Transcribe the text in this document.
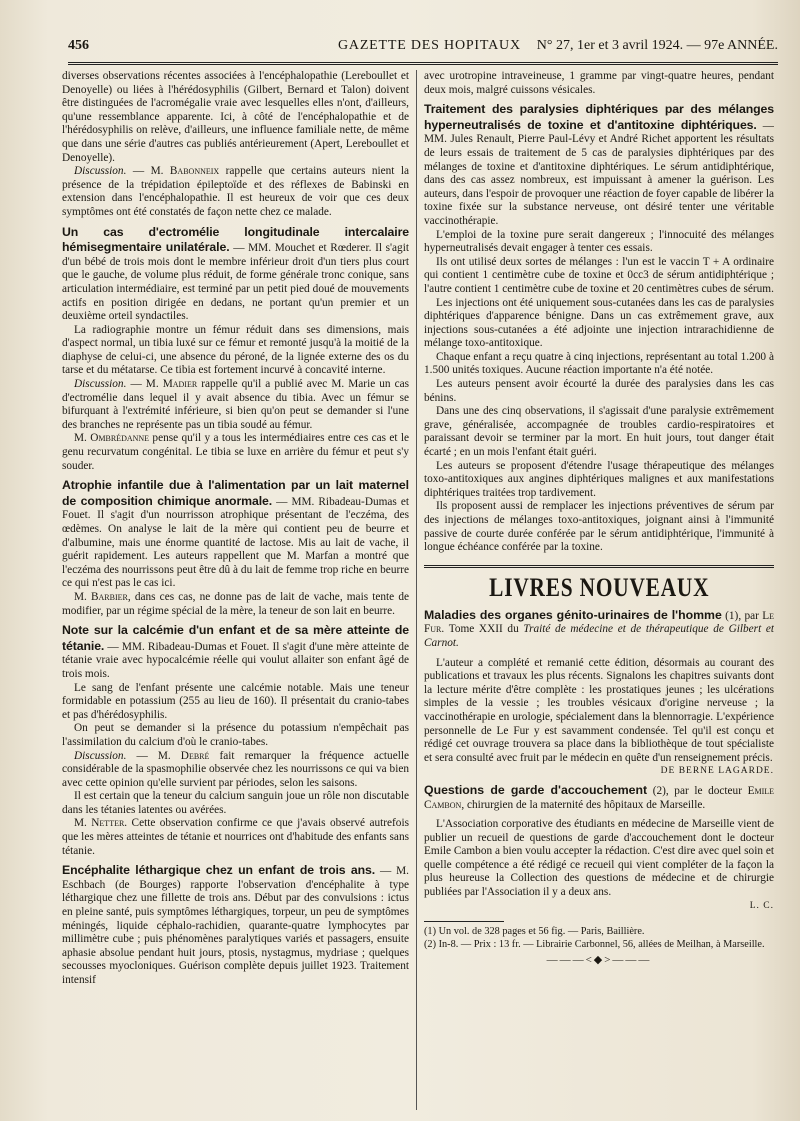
456	GAZETTE DES HOPITAUX N° 27, 1er et 3 avril 1924. — 97e ANNÉE.

diverses observations récentes associées à l'encéphalopathie (Lereboullet et Denoyelle) ou liées à l'hérédosyphilis (Gilbert, Bernard et Talon) doivent être distinguées de l'acromégalie vraie avec lesquelles elles n'ont, d'ailleurs, qu'une ressemblance apparente. Ici, à côté de l'encéphalopathie et de l'hérédosyphilis on relève, d'ailleurs, une influence familiale nette, de même que dans une série d'autres cas publiés antérieurement (Apert, Lereboullet et Denoyelle).

Discussion. — M. Babonneix rappelle que certains auteurs nient la présence de la trépidation épileptoïde et des réflexes de Babinski en extension dans l'encéphalopathie. Il est heureux de voir que ces deux symptômes ont été constatés de façon nette chez ce malade.

Un cas d'ectromélie longitudinale intercalaire hémisegmentaire unilatérale. — MM. Mouchet et Rœderer. Il s'agit d'un bébé de trois mois dont le membre inférieur droit d'un tiers plus court que le gauche, de volume plus réduit, de forme générale tronc conique, sans articulation intermédiaire, est terminé par un petit pied doué de mouvements actifs en position dirigée en dedans, ne portant qu'un premier et un deuxième orteil syndactiles.

La radiographie montre un fémur réduit dans ses dimensions, mais d'aspect normal, un tibia luxé sur ce fémur et remonté jusqu'à la moitié de la diaphyse de celui-ci, une absence du péroné, de la lignée externe des os du tarse et du métatarse. Ce tibia est fortement incurvé à concavité interne.

Discussion. — M. Madier rappelle qu'il a publié avec M. Marie un cas d'ectromélie dans lequel il y avait absence du tibia. Avec un fémur se bifurquant à l'extrémité inférieure, si bien qu'on peut se demander si l'une des branches ne représente pas un tibia soudé au fémur.

M. Ombrédanne pense qu'il y a tous les intermédiaires entre ces cas et le genu recurvatum congénital. Le tibia se luxe en arrière du fémur et peut s'y souder.

Atrophie infantile due à l'alimentation par un lait maternel de composition chimique anormale. — MM. Ribadeau-Dumas et Fouet. Il s'agit d'un nourrisson atrophique présentant de l'eczéma, des œdèmes. On analyse le lait de la mère qui contient peu de beurre et d'albumine, mais une énorme quantité de lactose. Mis au lait de vache, il guérit rapidement. Les auteurs rappellent que M. Marfan a montré que l'eczéma des nourrissons peut être dû à du lait de femme trop riche en beurre ce qui n'est pas le cas ici.

M. Barbier, dans ces cas, ne donne pas de lait de vache, mais tente de modifier, par un régime spécial de la mère, la teneur de son lait en beurre.

Note sur la calcémie d'un enfant et de sa mère atteinte de tétanie. — MM. Ribadeau-Dumas et Fouet. Il s'agit d'une mère atteinte de tétanie vraie avec hypocalcémie réelle qui voulut allaiter son enfant âgé de trois mois.

Le sang de l'enfant présente une calcémie notable. Mais une teneur formidable en potassium (255 au lieu de 160). Il présentait du cranio-tabes et pas d'hérédosyphilis.

On peut se demander si la présence du potassium n'empêchait pas l'assimilation du calcium d'où le cranio-tabes.

Discussion. — M. Debré fait remarquer la fréquence actuelle considérable de la spasmophilie observée chez les nourrissons ce qui va bien avec cette opinion qu'elle survient par périodes, selon les saisons.

Il est certain que la teneur du calcium sanguin joue un rôle non discutable dans les tétanies latentes ou avérées.

M. Netter. Cette observation confirme ce que j'avais observé autrefois que les mères atteintes de tétanie et nourrices ont d'habitude des enfants sans tétanie.

Encéphalite léthargique chez un enfant de trois ans. — M. Eschbach (de Bourges) rapporte l'observation d'encéphalite à type léthargique chez une fillette de trois ans. Début par des convulsions : ictus en pleine santé, puis symptômes léthargiques, torpeur, un peu de symptômes méningés, liquide céphalo-rachidien, quarante-quatre lymphocytes par millimètre cube ; puis phénomènes paralytiques variés et passagers, ensuite aphasie absolue pendant huit jours, ptosis, nystagmus, mydriase ; quelques secousses myocloniques. Guérison complète depuis juillet 1923. Traitement intensif

avec urotropine intraveineuse, 1 gramme par vingt-quatre heures, pendant deux mois, malgré cuissons vésicales.

Traitement des paralysies diphtériques par des mélanges hyperneutralisés de toxine et d'antitoxine diphtériques. — MM. Jules Renault, Pierre Paul-Lévy et André Richet apportent les résultats de leurs essais de traitement de 5 cas de paralysies diphtériques par des mélanges de toxine et d'antitoxine diphtériques. Le sérum antidiphtérique, dans des cas assez nombreux, est impuissant à amener la guérison. Les auteurs, dans l'espoir de provoquer une réaction de foyer capable de libérer la toxine fixée sur la substance nerveuse, ont désiré tenter une véritable vaccinothérapie.

L'emploi de la toxine pure serait dangereux ; l'innocuité des mélanges hyperneutralisés devait engager à tenter ces essais.

Ils ont utilisé deux sortes de mélanges : l'un est le vaccin T + A ordinaire qui contient 1 centimètre cube de toxine et 0cc3 de sérum antidiphtérique ; l'autre contient 1 centimètre cube de toxine et 20 centimètres cubes de sérum.

Les injections ont été uniquement sous-cutanées dans les cas de paralysies diphtériques d'apparence bénigne. Dans un cas extrêmement grave, aux injections sous-cutanées a été adjointe une injection intrarachidienne de mélange toxo-antitoxique.

Chaque enfant a reçu quatre à cinq injections, représentant au total 1.200 à 1.500 unités toxiques. Aucune réaction importante n'a été notée.

Les auteurs pensent avoir écourté la durée des paralysies dans les cas bénins.

Dans une des cinq observations, il s'agissait d'une paralysie extrêmement grave, généralisée, accompagnée de troubles cardio-respiratoires et paraissant devoir se terminer par la mort. En huit jours, tout danger était écarté ; en un mois l'enfant était guéri.

Les auteurs se proposent d'étendre l'usage thérapeutique des mélanges toxo-antitoxiques aux angines diphtériques malignes et aux manifestations diphtériques traitées trop tardivement.

Ils proposent aussi de remplacer les injections préventives de sérum par des injections de mélanges toxo-antitoxiques, joignant ainsi à l'immunité passive de courte durée conférée par le sérum antidiphtérique, l'immunité à longue échéance conférée par la toxine.

LIVRES NOUVEAUX

Maladies des organes génito-urinaires de l'homme (1), par Le Fur. Tome XXII du Traité de médecine et de thérapeutique de Gilbert et Carnot.

L'auteur a complété et remanié cette édition, désormais au courant des publications et travaux les plus récents. Signalons les chapitres suivants dont la lecture mérite d'être complète : les prostatiques jeunes ; les ulcérations simples de la vessie ; les troubles vésicaux d'origine nerveuse ; la vaccinothérapie en urologie, spécialement dans la blennorragie. L'expérience personnelle de Le Fur y est savamment condensée. Tel qu'il est conçu et rédigé cet ouvrage trouvera sa place dans la bibliothèque de tout spécialiste et sera consulté avec fruit par le médecin en quête d'un renseignement précis.

DE BERNE LAGARDE.

Questions de garde d'accouchement (2), par le docteur Emile Cambon, chirurgien de la maternité des hôpitaux de Marseille.

L'Association corporative des étudiants en médecine de Marseille vient de publier un recueil de questions de garde d'accouchement dont le docteur Emile Cambon a bien voulu accepter la rédaction. C'est dire avec quel soin et quelle compétence a été rédigé ce recueil qui vient compléter de la façon la plus heureuse la Collection des questions de médecine et de chirurgie publiées par l'Association il y a deux ans.

L. C.

(1) Un vol. de 328 pages et 56 fig. — Paris, Baillière.

(2) In-8. — Prix : 13 fr. — Librairie Carbonnel, 56, allées de Meilhan, à Marseille.

———<◆>———
